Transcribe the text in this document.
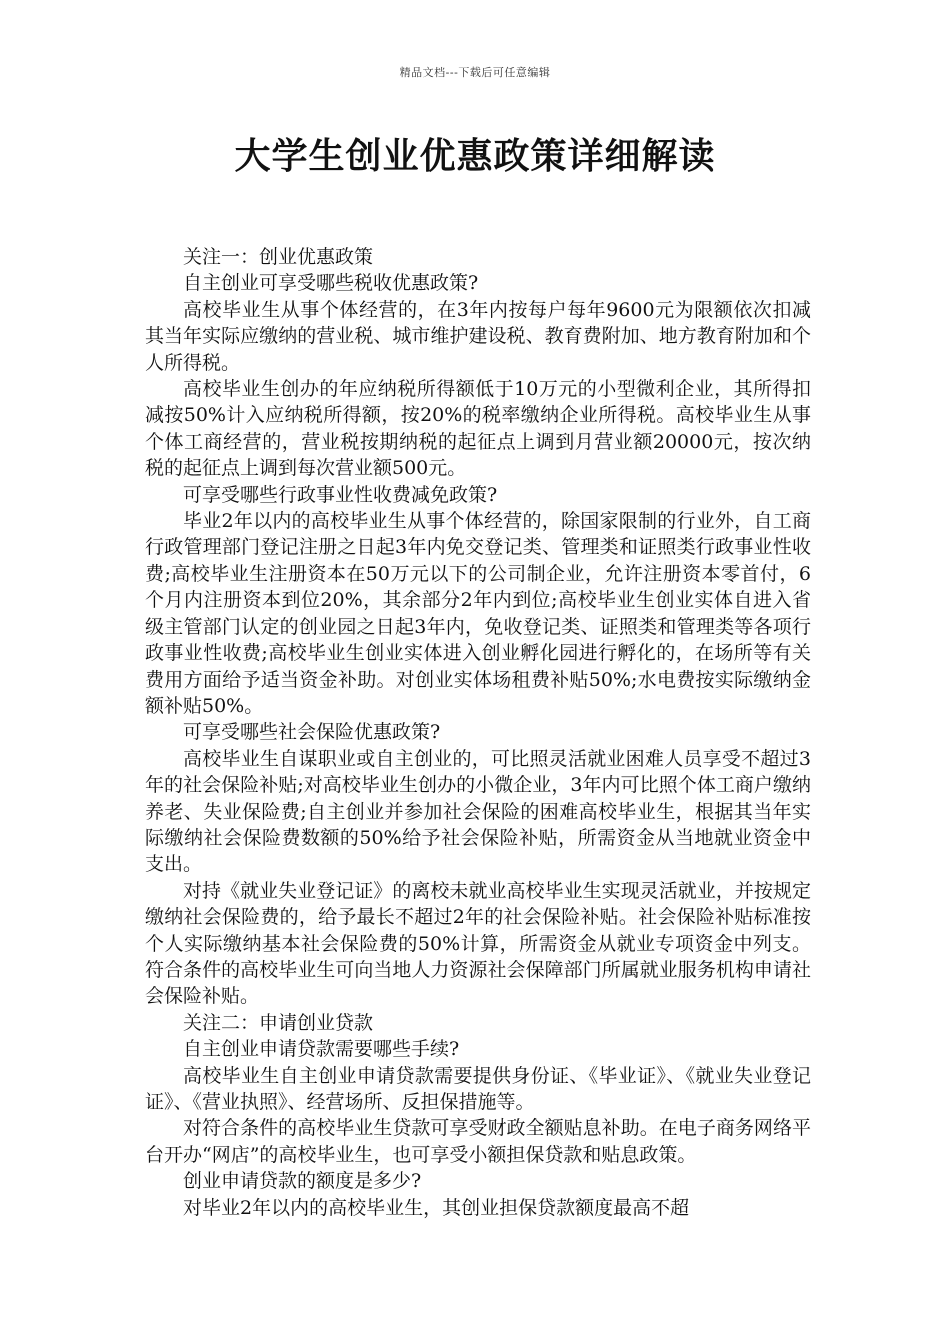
精品文档---下载后可任意编辑
大学生创业优惠政策详细解读

关注一：创业优惠政策

自主创业可享受哪些税收优惠政策?

高校毕业生从事个体经营的，在3年内按每户每年9600元为限额依次扣减其当年实际应缴纳的营业税、城市维护建设税、教育费附加、地方教育附加和个人所得税。

高校毕业生创办的年应纳税所得额低于10万元的小型微利企业，其所得扣减按50%计入应纳税所得额，按20%的税率缴纳企业所得税。高校毕业生从事个体工商经营的，营业税按期纳税的起征点上调到月营业额20000元，按次纳税的起征点上调到每次营业额500元。

可享受哪些行政事业性收费减免政策?

毕业2年以内的高校毕业生从事个体经营的，除国家限制的行业外，自工商行政管理部门登记注册之日起3年内免交登记类、管理类和证照类行政事业性收费;高校毕业生注册资本在50万元以下的公司制企业，允许注册资本零首付，6个月内注册资本到位20%，其余部分2年内到位;高校毕业生创业实体自进入省级主管部门认定的创业园之日起3年内，免收登记类、证照类和管理类等各项行政事业性收费;高校毕业生创业实体进入创业孵化园进行孵化的，在场所等有关费用方面给予适当资金补助。对创业实体场租费补贴50%;水电费按实际缴纳金额补贴50%。

可享受哪些社会保险优惠政策?

高校毕业生自谋职业或自主创业的，可比照灵活就业困难人员享受不超过3年的社会保险补贴;对高校毕业生创办的小微企业，3年内可比照个体工商户缴纳养老、失业保险费;自主创业并参加社会保险的困难高校毕业生，根据其当年实际缴纳社会保险费数额的50%给予社会保险补贴，所需资金从当地就业资金中支出。

对持《就业失业登记证》的离校未就业高校毕业生实现灵活就业，并按规定缴纳社会保险费的，给予最长不超过2年的社会保险补贴。社会保险补贴标准按个人实际缴纳基本社会保险费的50%计算，所需资金从就业专项资金中列支。符合条件的高校毕业生可向当地人力资源社会保障部门所属就业服务机构申请社会保险补贴。

关注二：申请创业贷款

自主创业申请贷款需要哪些手续?

高校毕业生自主创业申请贷款需要提供身份证、《毕业证》、《就业失业登记证》、《营业执照》、经营场所、反担保措施等。

对符合条件的高校毕业生贷款可享受财政全额贴息补助。在电子商务网络平台开办“网店”的高校毕业生，也可享受小额担保贷款和贴息政策。

创业申请贷款的额度是多少?

对毕业2年以内的高校毕业生，其创业担保贷款额度最高不超
